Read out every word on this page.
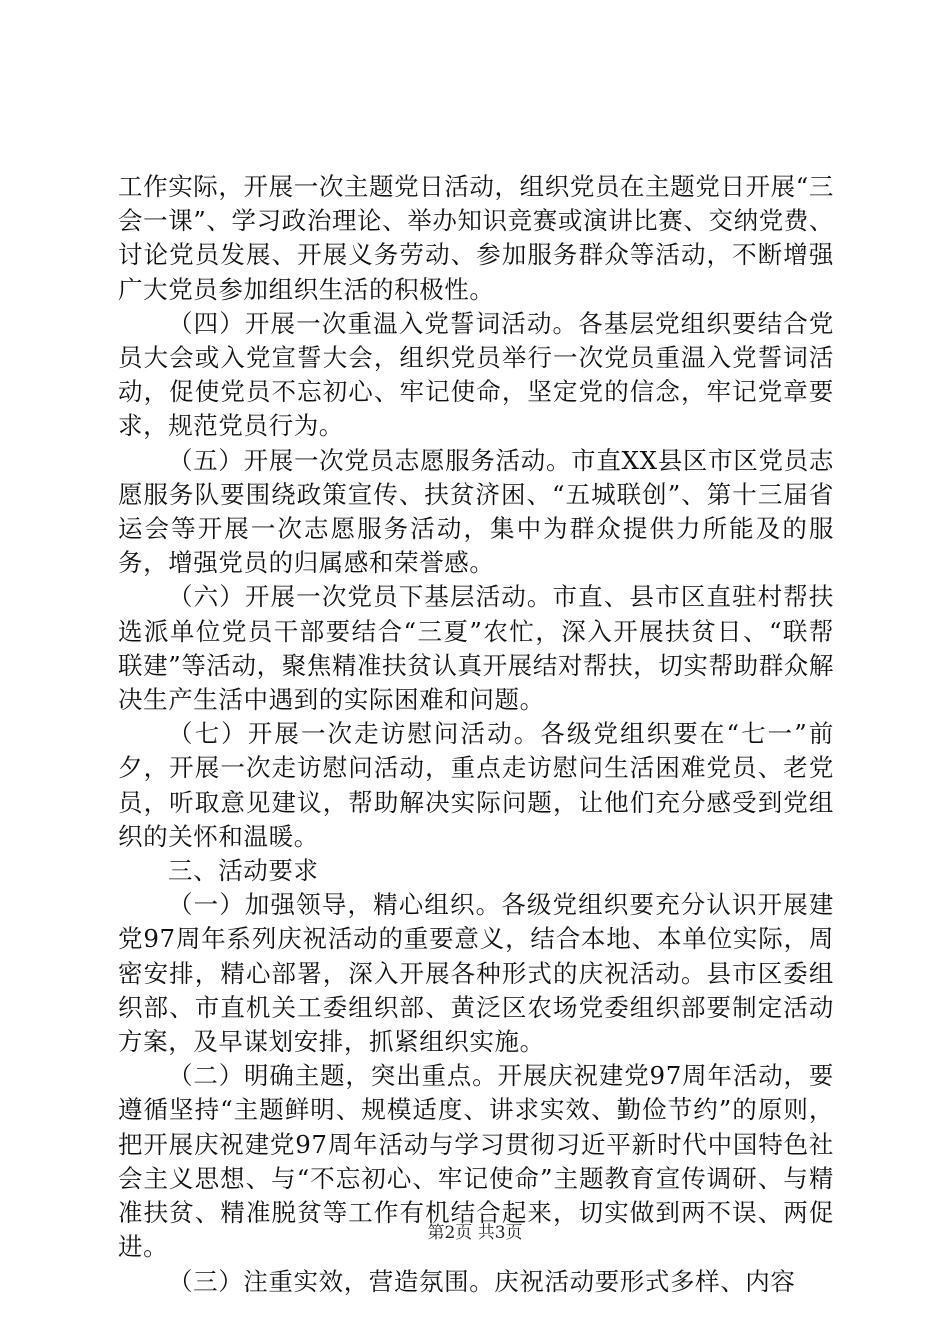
工作实际，开展一次主题党日活动，组织党员在主题党日开展“三会一课”、学习政治理论、举办知识竞赛或演讲比赛、交纳党费、讨论党员发展、开展义务劳动、参加服务群众等活动，不断增强广大党员参加组织生活的积极性。

（四）开展一次重温入党誓词活动。各基层党组织要结合党员大会或入党宣誓大会，组织党员举行一次党员重温入党誓词活动，促使党员不忘初心、牢记使命，坚定党的信念，牢记党章要求，规范党员行为。

（五）开展一次党员志愿服务活动。市直XX县区市区党员志愿服务队要围绕政策宣传、扶贫济困、“五城联创”、第十三届省运会等开展一次志愿服务活动，集中为群众提供力所能及的服务，增强党员的归属感和荣誉感。

（六）开展一次党员下基层活动。市直、县市区直驻村帮扶选派单位党员干部要结合“三夏”农忙，深入开展扶贫日、“联帮联建”等活动，聚焦精准扶贫认真开展结对帮扶，切实帮助群众解决生产生活中遇到的实际困难和问题。

（七）开展一次走访慰问活动。各级党组织要在“七一”前夕，开展一次走访慰问活动，重点走访慰问生活困难党员、老党员，听取意见建议，帮助解决实际问题，让他们充分感受到党组织的关怀和温暖。

三、活动要求

（一）加强领导，精心组织。各级党组织要充分认识开展建党97周年系列庆祝活动的重要意义，结合本地、本单位实际，周密安排，精心部署，深入开展各种形式的庆祝活动。县市区委组织部、市直机关工委组织部、黄泛区农场党委组织部要制定活动方案，及早谋划安排，抓紧组织实施。

（二）明确主题，突出重点。开展庆祝建党97周年活动，要遵循坚持“主题鲜明、规模适度、讲求实效、勤俭节约”的原则，把开展庆祝建党97周年活动与学习贯彻习近平新时代中国特色社会主义思想、与“不忘初心、牢记使命”主题教育宣传调研、与精准扶贫、精准脱贫等工作有机结合起来，切实做到两不误、两促进。

（三）注重实效，营造氛围。庆祝活动要形式多样、内容

第2页 共3页
